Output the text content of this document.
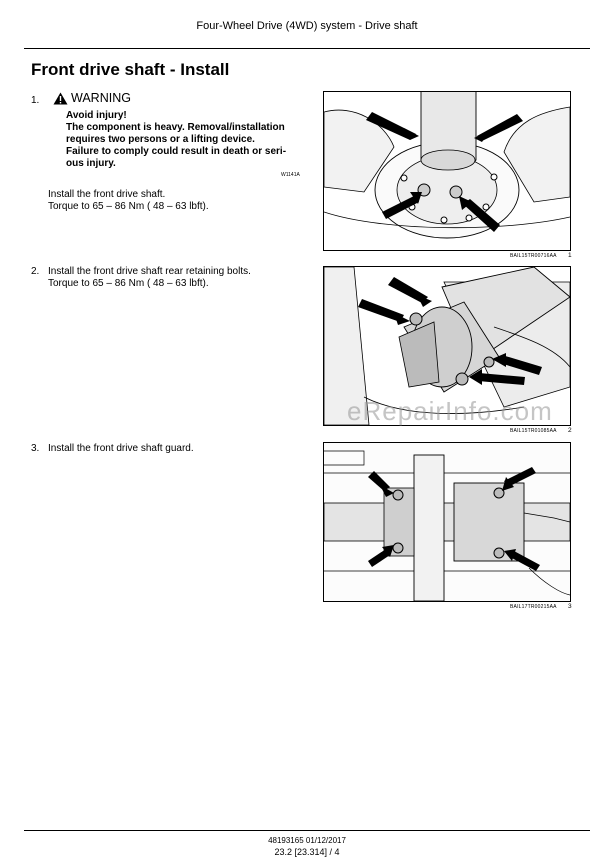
Four-Wheel Drive (4WD) system - Drive shaft
Front drive shaft - Install
1.	WARNING
Avoid injury!
The component is heavy. Removal/installation
requires two persons or a lifting device.
Failure to comply could result in death or seri-
ous injury.
W1141A
Install the front drive shaft.
Torque to 65 – 86 Nm ( 48 – 63 lbft).
BAIL15TR00716AA 1
2. Install the front drive shaft rear retaining bolts.
Torque to 65 – 86 Nm ( 48 – 63 lbft).
eRepairInfo.com
BAIL15TR01085AA 2
3. Install the front drive shaft guard.
BAIL17TR00215AA 3
48193165 01/12/2017
23.2 [23.314] / 4
